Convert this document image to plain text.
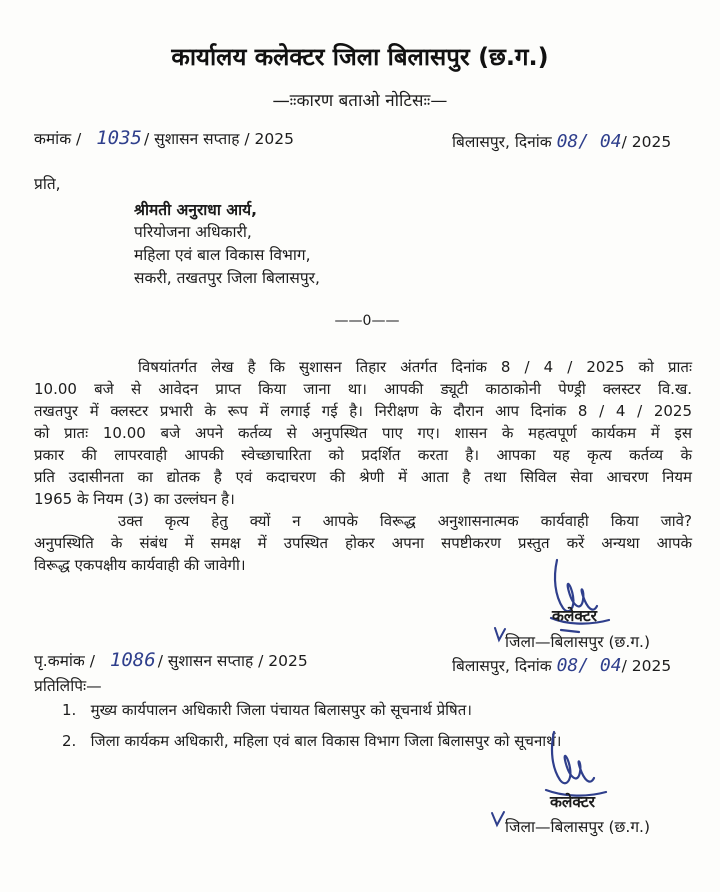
कार्यालय कलेक्टर जिला बिलासपुर (छ.ग.)
—ःःकारण बताओ नोटिसःः—
कमांक / 1035 / सुशासन सप्ताह / 2025	बिलासपुर, दिनांक 08/ 04/ 2025
प्रति,
श्रीमती अनुराधा आर्य,
परियोजना अधिकारी,
महिला एवं बाल विकास विभाग,
सकरी, तखतपुर जिला बिलासपुर,
——0——
विषयांतर्गत लेख है कि सुशासन तिहार अंतर्गत दिनांक 8 / 4 / 2025 को प्रातः
10.00 बजे से आवेदन प्राप्त किया जाना था। आपकी ड्यूटी काठाकोनी पेण्ड्री क्लस्टर वि.ख.
तखतपुर में क्लस्टर प्रभारी के रूप में लगाई गई है। निरीक्षण के दौरान आप दिनांक 8 / 4 / 2025
को प्रातः 10.00 बजे अपने कर्तव्य से अनुपस्थित पाए गए। शासन के महत्वपूर्ण कार्यकम में इस
प्रकार की लापरवाही आपकी स्वेच्छाचारिता को प्रदर्शित करता है। आपका यह कृत्य कर्तव्य के
प्रति उदासीनता का द्योतक है एवं कदाचरण की श्रेणी में आता है तथा सिविल सेवा आचरण नियम
1965 के नियम (3) का उल्लंघन है।
उक्त कृत्य हेतु क्यों न आपके विरूद्ध अनुशासनात्मक कार्यवाही किया जावे?
अनुपस्थिति के संबंध में समक्ष में उपस्थित होकर अपना सपष्टीकरण प्रस्तुत करें अन्यथा आपके
विरूद्ध एकपक्षीय कार्यवाही की जावेगी।
कलेक्टर
जिला—बिलासपुर (छ.ग.)
पृ.कमांक / 1086 / सुशासन सप्ताह / 2025	बिलासपुर, दिनांक 08/ 04/ 2025
प्रतिलिपिः—
1. मुख्य कार्यपालन अधिकारी जिला पंचायत बिलासपुर को सूचनार्थ प्रेषित।
2. जिला कार्यकम अधिकारी, महिला एवं बाल विकास विभाग जिला बिलासपुर को सूचनार्थ।
कलेक्टर
जिला—बिलासपुर (छ.ग.)
